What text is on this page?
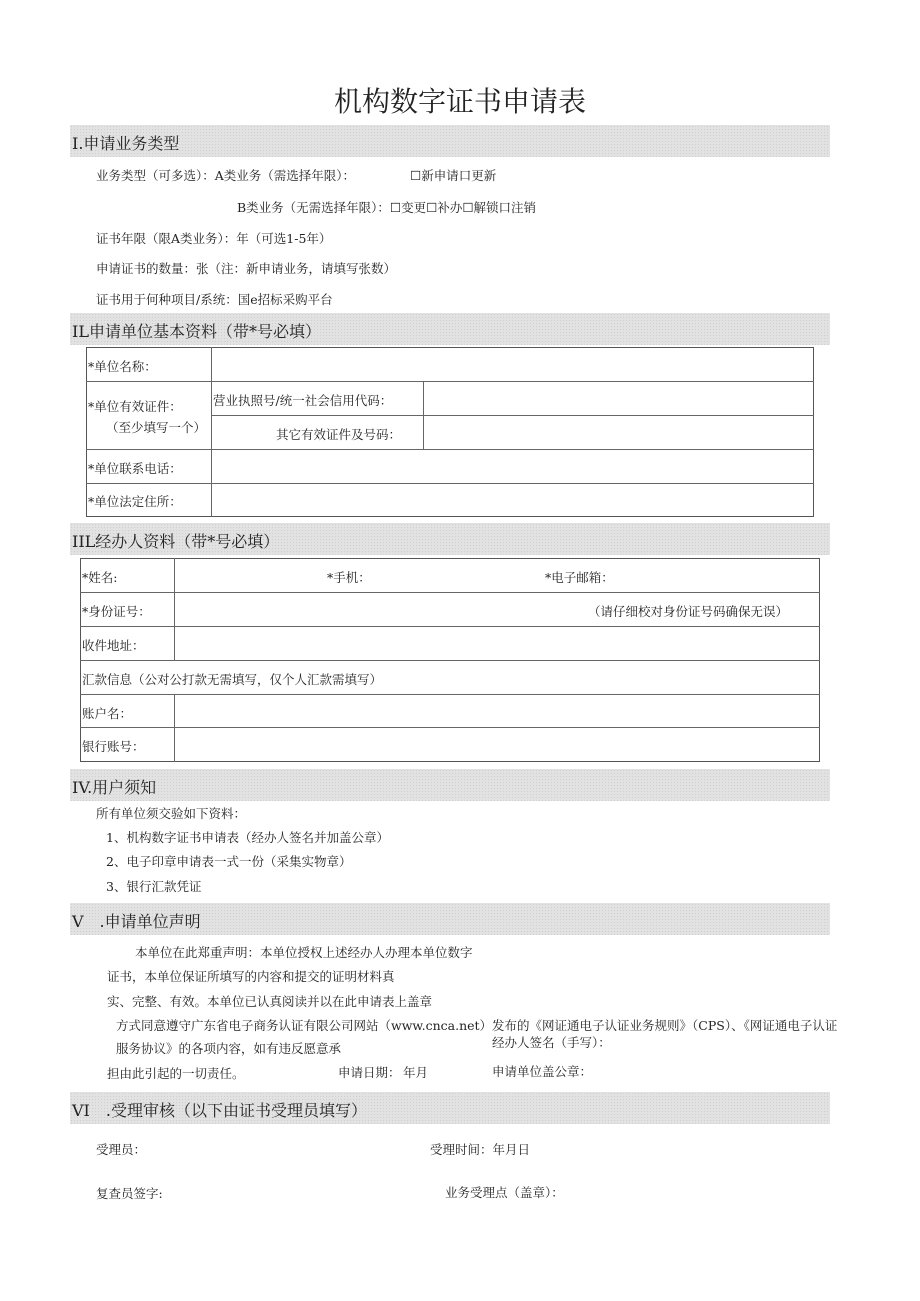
机构数字证书申请表
I.申请业务类型
业务类型（可多选）：A类业务（需选择年限）：	☐新申请口更新
B类业务（无需选择年限）：☐变更☐补办☐解锁口注销
证书年限（限A类业务）：年（可选1-5年）
申请证书的数量：张（注：新申请业务，请填写张数）
证书用于何种项目/系统：国e招标采购平台
IL申请单位基本资料（带*号必填）
*单位名称：
*单位有效证件：
（至少填写一个）
营业执照号/统一社会信用代码：
其它有效证件及号码：
*单位联系电话：
*单位法定住所：
IIL经办人资料（带*号必填）
*姓名:	*手机：	*电子邮箱：
*身份证号：	（请仔细校对身份证号码确保无误）
收件地址：
汇款信息（公对公打款无需填写，仅个人汇款需填写）
账户名：
银行账号：
IV.用户须知
所有单位须交验如下资料：
1、机构数字证书申请表（经办人签名并加盖公章）
2、电子印章申请表一式一份（采集实物章）
3、银行汇款凭证
V　.申请单位声明
本单位在此郑重声明：本单位授权上述经办人办理本单位数字
证书，本单位保证所填写的内容和提交的证明材料真
实、完整、有效。本单位已认真阅读并以在此申请表上盖章
方式同意遵守广东省电子商务认证有限公司网站（www.cnca.net）发布的《网证通电子认证业务规则》（CPS）、《网证通电子认证
服务协议》的各项内容，如有违反愿意承	经办人签名（手写）：
担由此引起的一切责任。	申请日期： 年月	申请单位盖公章：
VI　.受理审核（以下由证书受理员填写）
受理员：	受理时间：年月日
复查员签字:	业务受理点（盖章）：
